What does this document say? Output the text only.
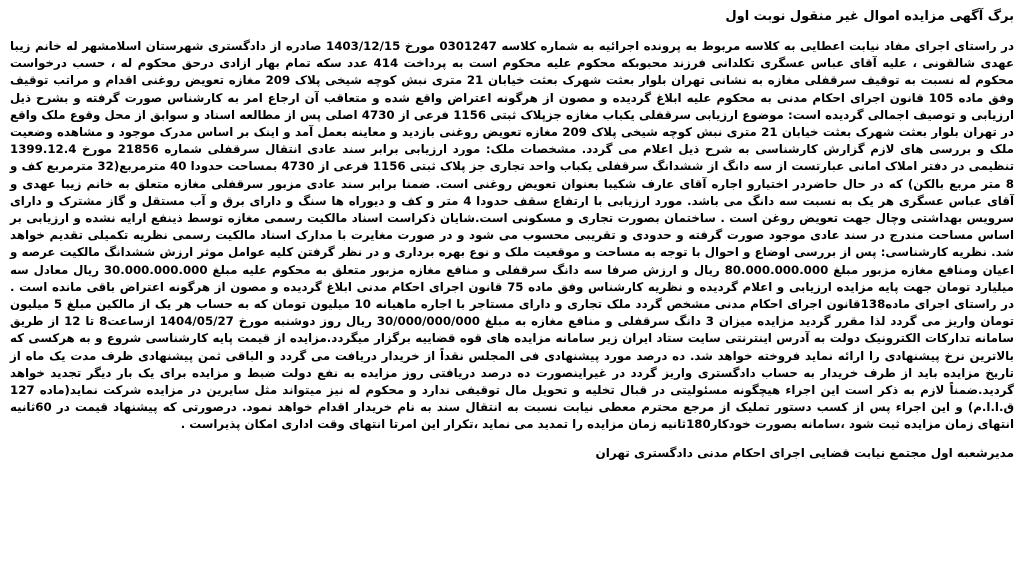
برگ آگهی مزایده اموال غیر منقول نوبت اول

در راستای اجرای مفاد نیابت اعطایی به کلاسه مربوط به پرونده اجرائیه به شماره کلاسه 0301247 مورخ 1403/12/15 صادره از دادگستری شهرستان اسلامشهر له خانم زیبا عهدی شالقونی ، علیه آقای عباس عسگری تکلدانی فرزند محبوبکه محکوم علیه محکوم است به پرداخت 414 عدد سکه تمام بهار ازادی درحق محکوم له ، حسب درخواست محکوم له نسبت به توقیف سرقفلی مغازه به نشانی تهران بلوار بعثت شهرک بعثت خیابان 21 متری نبش کوچه شیخی پلاک 209 مغازه تعویض روغنی اقدام و مراتب توقیف وفق ماده 105 قانون اجرای احکام مدنی به محکوم علیه ابلاغ گردیده و مصون از هرگونه اعتراض واقع شده و متعاقب آن ارجاع امر به کارشناس صورت گرفته و بشرح ذیل ارزیابی و توصیف اجمالی گردیده است: موضوع ارزیابی سرقفلی یکباب مغازه جزپلاک ثبتی 1156 فرعی از 4730 اصلی پس از مطالعه اسناد و سوابق از محل وقوع ملک واقع در تهران بلوار بعثت شهرک بعثت خیابان 21 متری نبش کوچه شیخی پلاک 209 مغازه تعویض روغنی بازدید و معاینه بعمل آمد و اینک بر اساس مدرک موجود و مشاهده وضعیت ملک و بررسی های لازم گزارش کارشناسی به شرح ذیل اعلام می گردد. مشخصات ملک: مورد ارزیابی برابر سند عادی انتقال سرقفلی شماره 21856 مورخ 1399.12.4 تنظیمی در دفتر املاک امانی عبارتست از سه دانگ از ششدانگ سرقفلی یکباب واحد تجاری جز پلاک ثبتی 1156 فرعی از 4730 بمساحت حدودا 40 مترمربع(32 مترمربع کف و 8 متر مربع بالکن) که در حال حاضردر اختیارو اجاره آقای عارف شکیبا بعنوان تعویض روغنی است. ضمنا برابر سند عادی مزبور سرقفلی مغازه متعلق به خانم زیبا عهدی و آقای عباس عسگری هر یک به نسبت سه دانگ می باشد. مورد ارزیابی با ارتفاع سقف حدودا 4 متر و کف و دیوراه ها سنگ و دارای برق و آب مستقل و گاز مشترک و دارای سرویس بهداشتی وچال جهت تعویض روغن است . ساختمان بصورت تجاری و مسکونی است.شایان ذکراست اسناد مالکیت رسمی مغازه توسط ذینفع ارایه نشده و ارزیابی بر اساس مساحت مندرج در سند عادی موجود صورت گرفته و حدودی و تقریبی محسوب می شود و در صورت مغایرت با مدارک اسناد مالکیت رسمی نظریه تکمیلی تقدیم خواهد شد. نظریه کارشناسی: پس از بررسی اوضاع و احوال با توجه به مساحت و موقعیت ملک و نوع بهره برداری و در نظر گرفتن کلیه عوامل موثر ارزش ششدانگ مالکیت عرصه و اعیان ومنافع مغازه مزبور مبلغ 80.000.000.000 ریال و ارزش صرفا سه دانگ سرقفلی و منافع مغازه مزبور متعلق به محکوم علیه مبلغ 30.000.000.000 ریال معادل سه میلیارد تومان جهت پایه مزایده ارزیابی و اعلام گردیده و نظریه کارشناس وفق ماده 75 قانون اجرای احکام مدنی ابلاغ گردیده و مصون از هرگونه اعتراض باقی مانده است . در راستای اجرای ماده138قانون اجرای احکام مدنی مشخص گردد ملک تجاری و دارای مستاجر با اجاره ماهیانه 10 میلیون تومان که به حساب هر یک از مالکین مبلغ 5 میلیون تومان واریز می گردد لذا مقرر گردید مزایده میزان 3 دانگ سرقفلی و منافع مغازه به مبلغ 30/000/000/000 ریال روز دوشنبه مورخ 1404/05/27 ازساعت8 تا 12 از طریق سامانه تدارکات الکترونیک دولت به آدرس اینترنتی سایت ستاد ایران زیر سامانه مزایده های قوه قضاییه برگزار میگردد.مزایده از قیمت پایه کارشناسی شروع و به هرکسی که بالاترین نرخ پیشنهادی را ارائه نماید فروخته خواهد شد. ده درصد مورد پیشنهادی فی المجلس نقداً از خریدار دریافت می گردد و الباقی ثمن پیشنهادی ظرف مدت یک ماه از تاریخ مزایده باید از طرف خریدار به حساب دادگستری واریز گردد در غیراینصورت ده درصد دریافتی روز مزایده به نفع دولت ضبط و مزایده برای یک بار دیگر تجدید خواهد گردید.ضمناً لازم به ذکر است این اجراء هیچگونه مسئولیتی در قبال تخلیه و تحویل مال توقیفی ندارد و محکوم له نیز میتواند مثل سایرین در مزایده شرکت نماید(ماده 127 ق.ا.ا.م) و این اجراء پس از کسب دستور تملیک از مرجع محترم معطی نیابت نسبت به انتقال سند به نام خریدار اقدام خواهد نمود. درصورتی که پیشنهاد قیمت در 60ثانیه انتهای زمان مزایده ثبت شود ،سامانه بصورت خودکار180ثانیه زمان مزایده را تمدید می نماید ،تکرار این امرتا انتهای وقت اداری امکان پذیراست .

مدیرشعبه اول مجتمع نیابت قضایی اجرای احکام مدنی دادگستری تهران
